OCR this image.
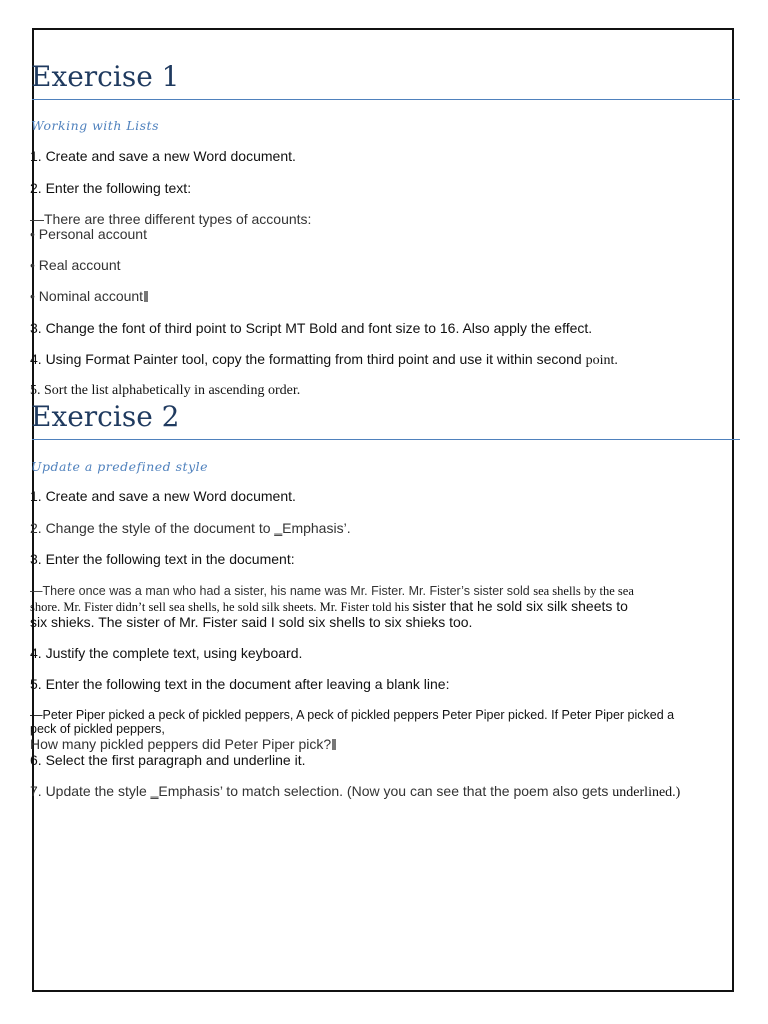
Exercise 1
Working with Lists
1. Create and save a new Word document.
2. Enter the following text:
—There are three different types of accounts:
• Personal account
• Real account
• Nominal account
3. Change the font of third point to Script MT Bold and font size to 16. Also apply the effect.
4. Using Format Painter tool, copy the formatting from third point and use it within second point.
5. Sort the list alphabetically in ascending order.
Exercise 2
Update a predefined style
1. Create and save a new Word document.
2. Change the style of the document to ‗Emphasis’.
3. Enter the following text in the document:
—There once was a man who had a sister, his name was Mr. Fister. Mr. Fister’s sister sold sea shells by the sea
shore. Mr. Fister didn’t sell sea shells, he sold silk sheets. Mr. Fister told his sister that he sold six silk sheets to
six shieks. The sister of Mr. Fister said I sold six shells to six shieks too.
4. Justify the complete text, using keyboard.
5. Enter the following text in the document after leaving a blank line:
—Peter Piper picked a peck of pickled peppers, A peck of pickled peppers Peter Piper picked. If Peter Piper picked a
peck of pickled peppers,
How many pickled peppers did Peter Piper pick?
6. Select the first paragraph and underline it.
7. Update the style ‗Emphasis’ to match selection. (Now you can see that the poem also gets underlined.)
